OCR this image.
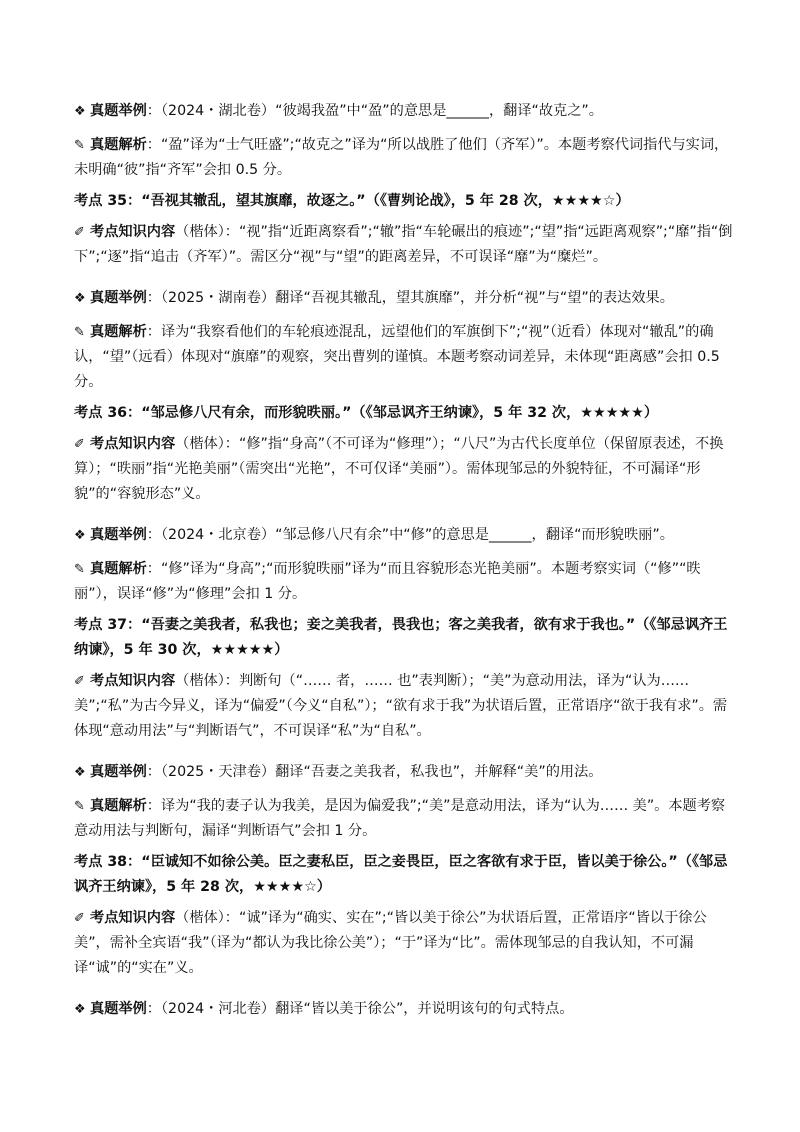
❖ 真题举例：（2024・湖北卷）“彼竭我盈”中“盈”的意思是______，翻译“故克之”。

✎ 真题解析：“盈”译为“士气旺盛”;“故克之”译为“所以战胜了他们（齐军）”。本题考察代词指代与实词，未明确“彼”指“齐军”会扣 0.5 分。

考点 35：“吾视其辙乱，望其旗靡，故逐之。”（《曹刿论战》，5 年 28 次，★★★★☆）

✐ 考点知识内容（楷体）：“视”指“近距离察看”;“辙”指“车轮碾出的痕迹”;“望”指“远距离观察”;“靡”指“倒下”;“逐”指“追击（齐军）”。需区分“视”与“望”的距离差异，不可误译“靡”为“糜烂”。

❖ 真题举例：（2025・湖南卷）翻译“吾视其辙乱，望其旗靡”，并分析“视”与“望”的表达效果。

✎ 真题解析：译为“我察看他们的车轮痕迹混乱，远望他们的军旗倒下”;“视”（近看）体现对“辙乱”的确认，“望”（远看）体现对“旗靡”的观察，突出曹刿的谨慎。本题考察动词差异，未体现“距离感”会扣 0.5 分。

考点 36：“邹忌修八尺有余，而形貌昳丽。”（《邹忌讽齐王纳谏》，5 年 32 次，★★★★★）

✐ 考点知识内容（楷体）：“修”指“身高”（不可译为“修理”）；“八尺”为古代长度单位（保留原表述，不换算）；“昳丽”指“光艳美丽”（需突出“光艳”，不可仅译“美丽”）。需体现邹忌的外貌特征，不可漏译“形貌”的“容貌形态”义。

❖ 真题举例：（2024・北京卷）“邹忌修八尺有余”中“修”的意思是______，翻译“而形貌昳丽”。

✎ 真题解析：“修”译为“身高”;“而形貌昳丽”译为“而且容貌形态光艳美丽”。本题考察实词（“修”“昳丽”），误译“修”为“修理”会扣 1 分。

考点 37：“吾妻之美我者，私我也；妾之美我者，畏我也；客之美我者，欲有求于我也。”（《邹忌讽齐王纳谏》，5 年 30 次，★★★★★）

✐ 考点知识内容（楷体）：判断句（“…… 者，…… 也”表判断）；“美”为意动用法，译为“认为…… 美”;“私”为古今异义，译为“偏爱”（今义“自私”）；“欲有求于我”为状语后置，正常语序“欲于我有求”。需体现“意动用法”与“判断语气”，不可误译“私”为“自私”。

❖ 真题举例：（2025・天津卷）翻译“吾妻之美我者，私我也”，并解释“美”的用法。

✎ 真题解析：译为“我的妻子认为我美，是因为偏爱我”;“美”是意动用法，译为“认为…… 美”。本题考察意动用法与判断句，漏译“判断语气”会扣 1 分。

考点 38：“臣诚知不如徐公美。臣之妻私臣，臣之妾畏臣，臣之客欲有求于臣，皆以美于徐公。”（《邹忌讽齐王纳谏》，5 年 28 次，★★★★☆）

✐ 考点知识内容（楷体）：“诚”译为“确实、实在”;“皆以美于徐公”为状语后置，正常语序“皆以于徐公美”，需补全宾语“我”（译为“都认为我比徐公美”）；“于”译为“比”。需体现邹忌的自我认知，不可漏译“诚”的“实在”义。

❖ 真题举例：（2024・河北卷）翻译“皆以美于徐公”，并说明该句的句式特点。
